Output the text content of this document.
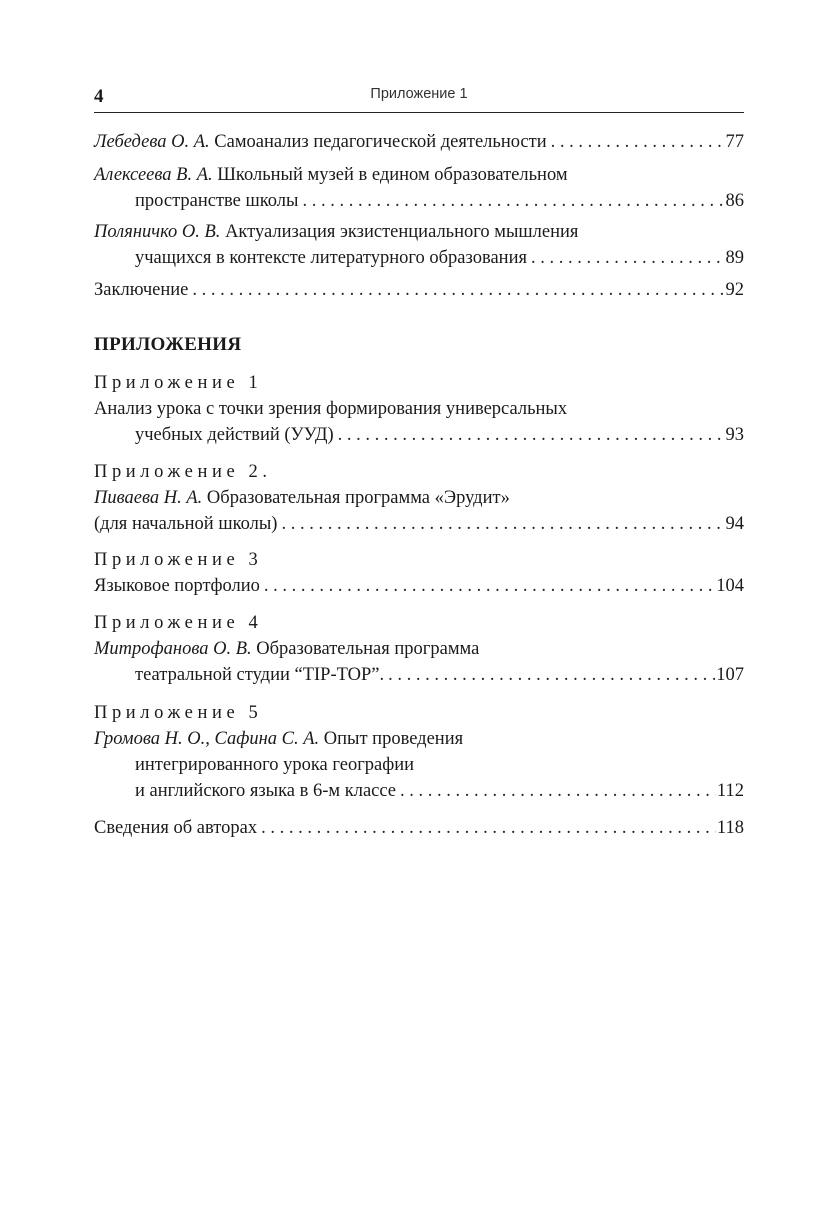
4	Приложение 1
Лебедева О. А. Самоанализ педагогической деятельности . . .	77
Алексеева В. А. Школьный музей в едином образовательном
пространстве школы . . .	86
Поляничко О. В. Актуализация экзистенциального мышления
учащихся в контексте литературного образования . . .	89
Заключение . . .	92
ПРИЛОЖЕНИЯ
Приложение 1
Анализ урока с точки зрения формирования универсальных
учебных действий (УУД) . . .	93
Приложение 2.
Пиваева Н. А. Образовательная программа «Эрудит»
(для начальной школы) . . .	94
Приложение 3
Языковое портфолио . . .	104
Приложение 4
Митрофанова О. В. Образовательная программа
театральной студии “TIP-TOP”. . . .	107
Приложение 5
Громова Н. О., Сафина С. А. Опыт проведения
интегрированного урока географии
и английского языка в 6-м классе . . .	112
Сведения об авторах . . .	118
